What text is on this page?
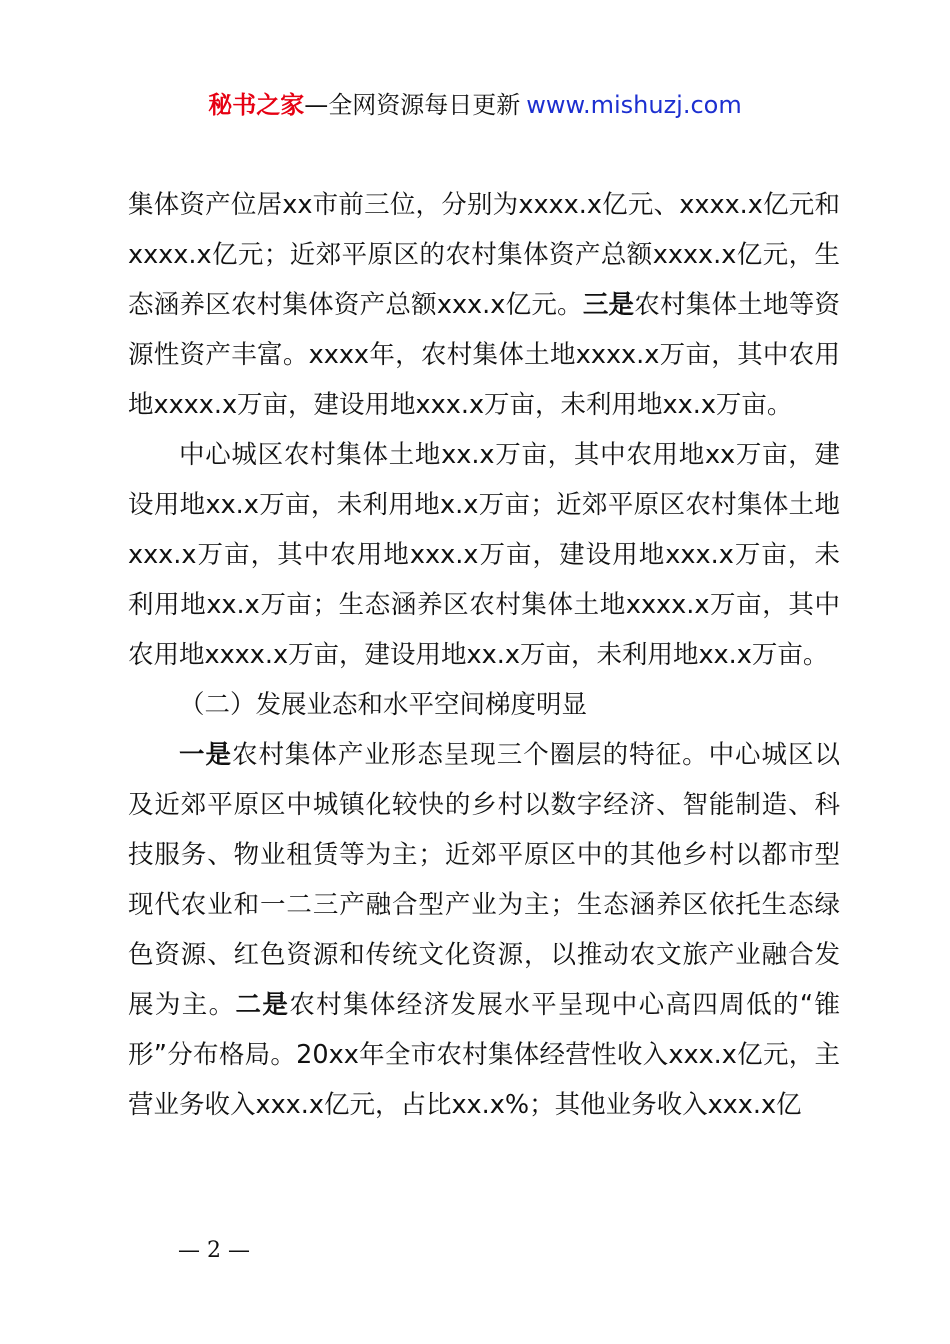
秘书之家—全网资源每日更新 www.mishuzj.com

集体资产位居xx市前三位，分别为xxxx.x亿元、xxxx.x亿元和xxxx.x亿元；近郊平原区的农村集体资产总额xxxx.x亿元，生态涵养区农村集体资产总额xxx.x亿元。三是农村集体土地等资源性资产丰富。xxxx年，农村集体土地xxxx.x万亩，其中农用地xxxx.x万亩，建设用地xxx.x万亩，未利用地xx.x万亩。

中心城区农村集体土地xx.x万亩，其中农用地xx万亩，建设用地xx.x万亩，未利用地x.x万亩；近郊平原区农村集体土地xxx.x万亩，其中农用地xxx.x万亩，建设用地xxx.x万亩，未利用地xx.x万亩；生态涵养区农村集体土地xxxx.x万亩，其中农用地xxxx.x万亩，建设用地xx.x万亩，未利用地xx.x万亩。

（二）发展业态和水平空间梯度明显

一是农村集体产业形态呈现三个圈层的特征。中心城区以及近郊平原区中城镇化较快的乡村以数字经济、智能制造、科技服务、物业租赁等为主；近郊平原区中的其他乡村以都市型现代农业和一二三产融合型产业为主；生态涵养区依托生态绿色资源、红色资源和传统文化资源，以推动农文旅产业融合发展为主。二是农村集体经济发展水平呈现中心高四周低的“锥形”分布格局。20xx年全市农村集体经营性收入xxx.x亿元，主营业务收入xxx.x亿元，占比xx.x%；其他业务收入xxx.x亿

— 2 —
